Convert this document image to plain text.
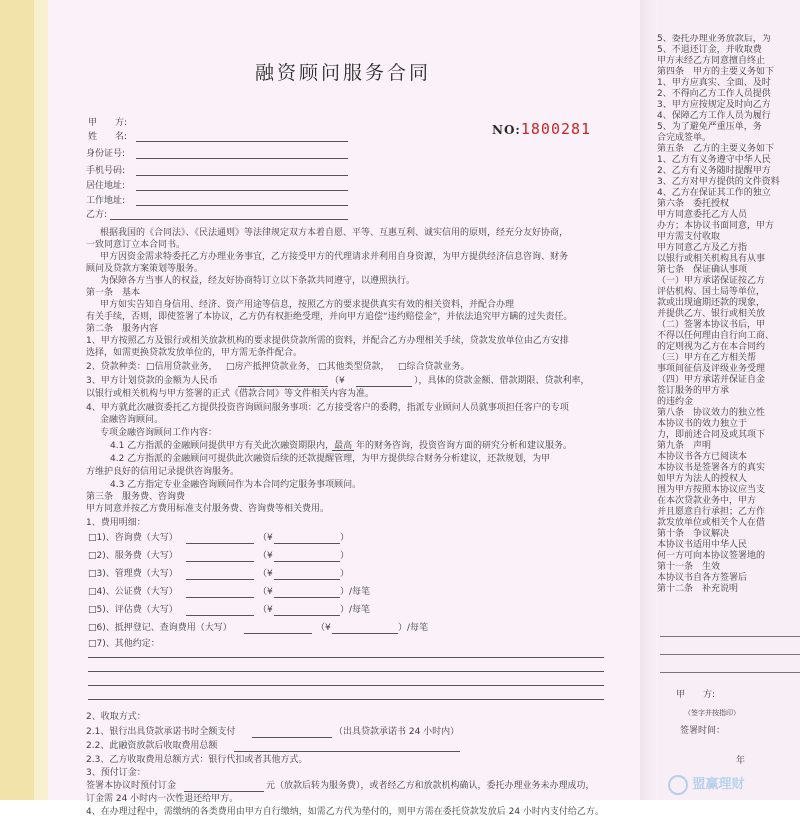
融资顾问服务合同
NO:1800281
甲　　方:
姓　　名:
身份证号:
手机号码:
居住地址:
工作地址:
乙方:
根据我国的《合同法》、《民法通则》等法律规定双方本着自愿、平等、互惠互利、诚实信用的原则，经充分友好协商，
一致同意订立本合同书。
甲方因资金需求特委托乙方办理业务事宜，乙方接受甲方的代理请求并利用自身资源，为甲方提供经济信息咨询、财务
顾问及贷款方案策划等服务。
为保障各方当事人的权益，经友好协商特订立以下条款共同遵守，以遵照执行。
第一条　基本
甲方如实告知自身信用、经济、资产用途等信息，按照乙方的要求提供真实有效的相关资料，并配合办理
有关手续，否则，即使签署了本协议，乙方仍有权拒绝受理，并向甲方追偿“违约赔偿金”，并依法追究甲方瞒的过失责任。
第二条　服务内容
1、甲方按照乙方及银行或相关放款机构的要求提供贷款所需的资料，并配合乙方办理相关手续，贷款发放单位由乙方安排
选择，如需更换贷款发放单位的，甲方需无条件配合。
2、贷款种类： □信用贷款业务， □房产抵押贷款业务， □其他类型贷款， □综合贷款业务。
3、甲方计划贷款的金额为人民币	（¥	），具体的贷款金额、借款期限、贷款利率，
以银行或相关机构与甲方签署的正式《借款合同》等文件相关内容为准。
4、甲方就此次融资委托乙方提供投资咨询顾问服务事项：乙方接受客户的委聘，指派专业顾问人员就事项担任客户的专项
金融咨询顾问。
专项金融咨询顾问工作内容：
4.1 乙方指派的金融顾问提供甲方有关此次融资期限内，最高 年的财务咨询，投资咨询方面的研究分析和建议服务。
4.2 乙方指派的金融顾问可提供此次融资后续的还款提醒管理，为甲方提供综合财务分析建议，还款规划，为甲
方维护良好的信用记录提供咨询服务。
4.3 乙方指定专业金融咨询顾问作为本合同约定服务事项顾问。
第三条　服务费、咨询费
甲方同意并按乙方费用标准支付服务费、咨询费等相关费用。
1、费用明细：
□1)、咨询费（大写）	（¥	）
□2)、服务费（大写）	（¥	）
□3)、管理费（大写）	（¥	）
□4)、公证费（大写）	（¥	）/每笔
□5)、评估费（大写）	（¥	）/每笔
□6)、抵押登记、查询费用（大写）	（¥	）/每笔
□7)、其他约定：
2、收取方式：
2.1、银行出具贷款承诺书时全额支付	（出具贷款承诺书 24 小时内）
2.2、此融资放款后收取费用总额
2.3、乙方收取费用总额方式：银行代扣或者其他方式。
3、预付订金：
签署本协议时预付订金	元（放款后转为服务费），或者经乙方和放款机构确认，委托办理业务未办理成功，
订金需 24 小时内一次性退还给甲方。
4、在办理过程中，需缴纳的各类费用由甲方自行缴纳，如需乙方代为垫付的，则甲方需在委托贷款发放后 24 小时内支付给乙方。
5、委托办理业务放款后，为
5、不退还订金，并收取费
甲方未经乙方同意擅自终止
第四条　甲方的主要义务如下
1、甲方应真实、全面、及时
2、不得向乙方工作人员提供
3、甲方应按规定及时向乙方
4、保障乙方工作人员为履行
5、为了避免严重压单，务
合完成签单。
第五条　乙方的主要义务如下
1、乙方有义务遵守中华人民
2、乙方有义务随时提醒甲方
3、乙方对甲方提供的文件资料
4、乙方在保证其工作的独立
第六条　委托授权
甲方同意委托乙方人员
办方；本协议书面同意，甲方
甲方需支付收取
甲方同意乙方及乙方指
以银行或相关机构具有从事
第七条　保证确认事项
（一）甲方承诺保证按乙方
评估机构、国土局等单位，
款或出现逾期还款的现象，
并提供乙方、银行或相关放
（二）签署本协议书后，甲
不得以任何理由自行向工商、
的定则视为乙方在本合同约
（三）甲方在乙方相关帮
事项间征信及评级业务受理
（四）甲方承诺并保证自金
签订服务的甲方承
的违约金
第八条　协议效力的独立性
本协议书的效力独立于
力，即前述合同及或其项下
第九条　声明
本协议书各方已阅读本
本协议书是签署各方的真实
如甲方为法人的授权人
围为甲方按照本协议应当支
在本次贷款业务中，甲方
并且愿意自行承担；乙方作
款发放单位或相关个人在借
第十条　争议解决
本协议书适用中华人民
何一方可向本协议签署地的
第十一条　生效
本协议书自各方签署后
第十二条　补充说明
甲　　方:
（签字并按指印）
签署时间：
年
盟赢理财
